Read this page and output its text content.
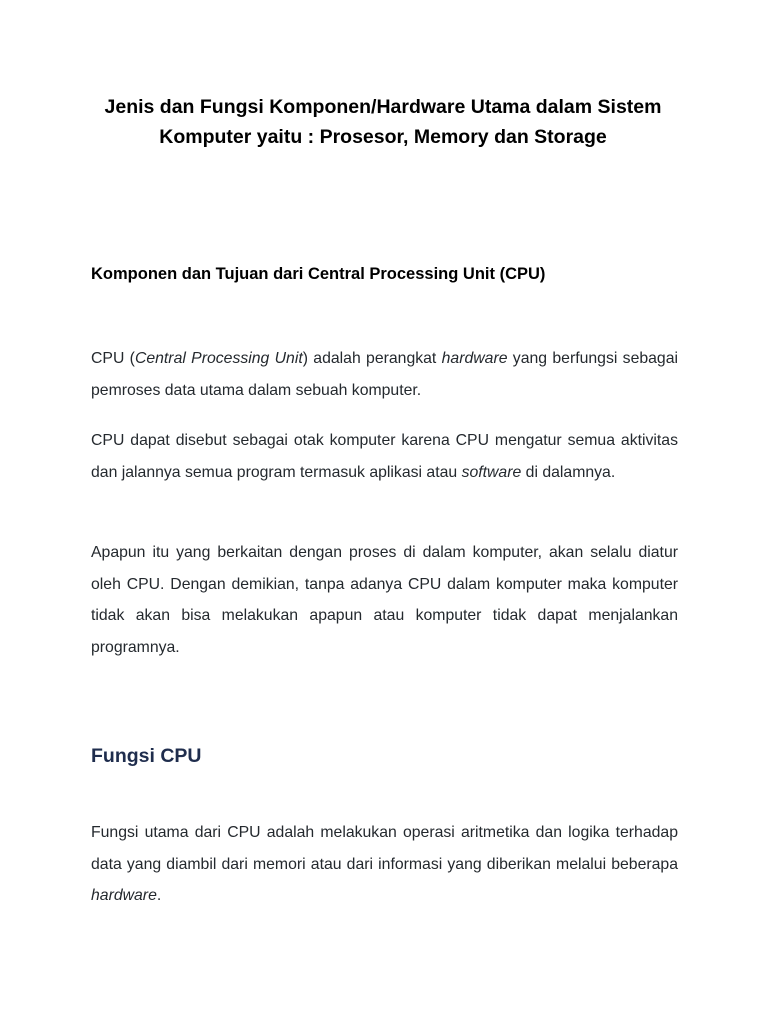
Jenis dan Fungsi Komponen/Hardware Utama dalam Sistem
Komputer yaitu : Prosesor, Memory dan Storage
Komponen dan Tujuan dari Central Processing Unit (CPU)

CPU (Central Processing Unit) adalah perangkat hardware yang berfungsi sebagai pemroses data utama dalam sebuah komputer.

CPU dapat disebut sebagai otak komputer karena CPU mengatur semua aktivitas dan jalannya semua program termasuk aplikasi atau software di dalamnya.

Apapun itu yang berkaitan dengan proses di dalam komputer, akan selalu diatur oleh CPU. Dengan demikian, tanpa adanya CPU dalam komputer maka komputer tidak akan bisa melakukan apapun atau komputer tidak dapat menjalankan programnya.

Fungsi CPU

Fungsi utama dari CPU adalah melakukan operasi aritmetika dan logika terhadap data yang diambil dari memori atau dari informasi yang diberikan melalui beberapa hardware.
